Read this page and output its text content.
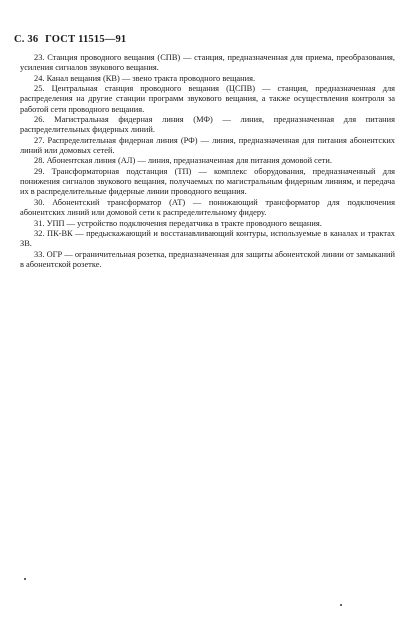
С. 36 ГОСТ 11515—91

23. Станция проводного вещания (СПВ) — станция, предназначенная для приема, преобразования, усиления сигналов звукового вещания.

24. Канал вещания (КВ) — звено тракта проводного вещания.

25. Центральная станция проводного вещания (ЦСПВ) — станция, предназначенная для распределения на другие станции программ звукового вещания, а также осуществления контроля за работой сети проводного вещания.

26. Магистральная фидерная линия (МФ) — линия, предназначенная для питания распределительных фидерных линий.

27. Распределительная фидерная линия (РФ) — линия, предназначенная для питания абонентских линий или домовых сетей.

28. Абонентская линия (АЛ) — линия, предназначенная для питания домовой сети.

29. Трансформаторная подстанция (ТП) — комплекс оборудования, предназначенный для понижения сигналов звукового вещания, получаемых по магистральным фидерным линиям, и передача их в распределительные фидерные линии проводного вещания.

30. Абонентский трансформатор (АТ) — понижающий трансформатор для подключения абонентских линий или домовой сети к распределительному фидеру.

31. УПП — устройство подключения передатчика в тракте проводного вещания.

32. ПК-ВК — предыскажающий и восстанавливающий контуры, используемые в каналах и трактах ЗВ.

33. ОГР — ограничительная розетка, предназначенная для защиты абонентской линии от замыканий в абонентской розетке.
